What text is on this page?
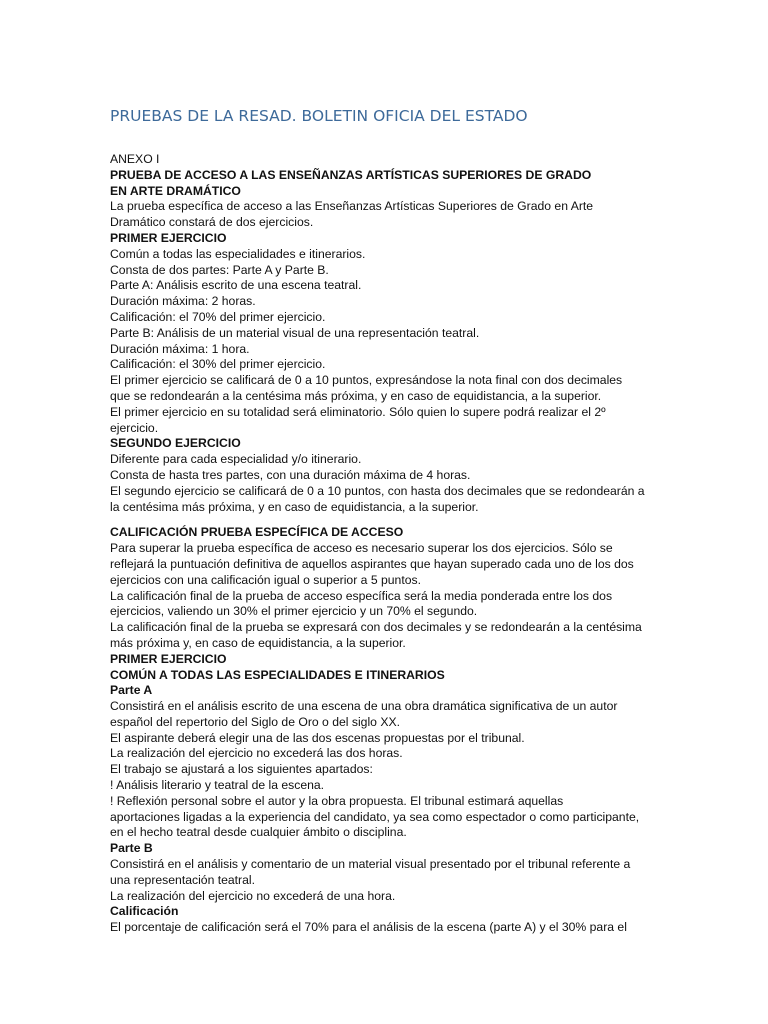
PRUEBAS DE LA RESAD. BOLETIN OFICIA DEL ESTADO
ANEXO I
PRUEBA DE ACCESO A LAS ENSEÑANZAS ARTÍSTICAS SUPERIORES DE GRADO
EN ARTE DRAMÁTICO
La prueba específica de acceso a las Enseñanzas Artísticas Superiores de Grado en Arte
Dramático constará de dos ejercicios.
PRIMER EJERCICIO
Común a todas las especialidades e itinerarios.
Consta de dos partes: Parte A y Parte B.
Parte A: Análisis escrito de una escena teatral.
Duración máxima: 2 horas.
Calificación: el 70% del primer ejercicio.
Parte B: Análisis de un material visual de una representación teatral.
Duración máxima: 1 hora.
Calificación: el 30% del primer ejercicio.
El primer ejercicio se calificará de 0 a 10 puntos, expresándose la nota final con dos decimales
que se redondearán a la centésima más próxima, y en caso de equidistancia, a la superior.
El primer ejercicio en su totalidad será eliminatorio. Sólo quien lo supere podrá realizar el 2º
ejercicio.
SEGUNDO EJERCICIO
Diferente para cada especialidad y/o itinerario.
Consta de hasta tres partes, con una duración máxima de 4 horas.
El segundo ejercicio se calificará de 0 a 10 puntos, con hasta dos decimales que se redondearán a
la centésima más próxima, y en caso de equidistancia, a la superior.
CALIFICACIÓN PRUEBA ESPECÍFICA DE ACCESO
Para superar la prueba específica de acceso es necesario superar los dos ejercicios. Sólo se
reflejará la puntuación definitiva de aquellos aspirantes que hayan superado cada uno de los dos
ejercicios con una calificación igual o superior a 5 puntos.
La calificación final de la prueba de acceso específica será la media ponderada entre los dos
ejercicios, valiendo un 30% el primer ejercicio y un 70% el segundo.
La calificación final de la prueba se expresará con dos decimales y se redondearán a la centésima
más próxima y, en caso de equidistancia, a la superior.
PRIMER EJERCICIO
COMÚN A TODAS LAS ESPECIALIDADES E ITINERARIOS
Parte A
Consistirá en el análisis escrito de una escena de una obra dramática significativa de un autor
español del repertorio del Siglo de Oro o del siglo XX.
El aspirante deberá elegir una de las dos escenas propuestas por el tribunal.
La realización del ejercicio no excederá las dos horas.
El trabajo se ajustará a los siguientes apartados:
! Análisis literario y teatral de la escena.
! Reflexión personal sobre el autor y la obra propuesta. El tribunal estimará aquellas
aportaciones ligadas a la experiencia del candidato, ya sea como espectador o como participante,
en el hecho teatral desde cualquier ámbito o disciplina.
Parte B
Consistirá en el análisis y comentario de un material visual presentado por el tribunal referente a
una representación teatral.
La realización del ejercicio no excederá de una hora.
Calificación
El porcentaje de calificación será el 70% para el análisis de la escena (parte A) y el 30% para el
